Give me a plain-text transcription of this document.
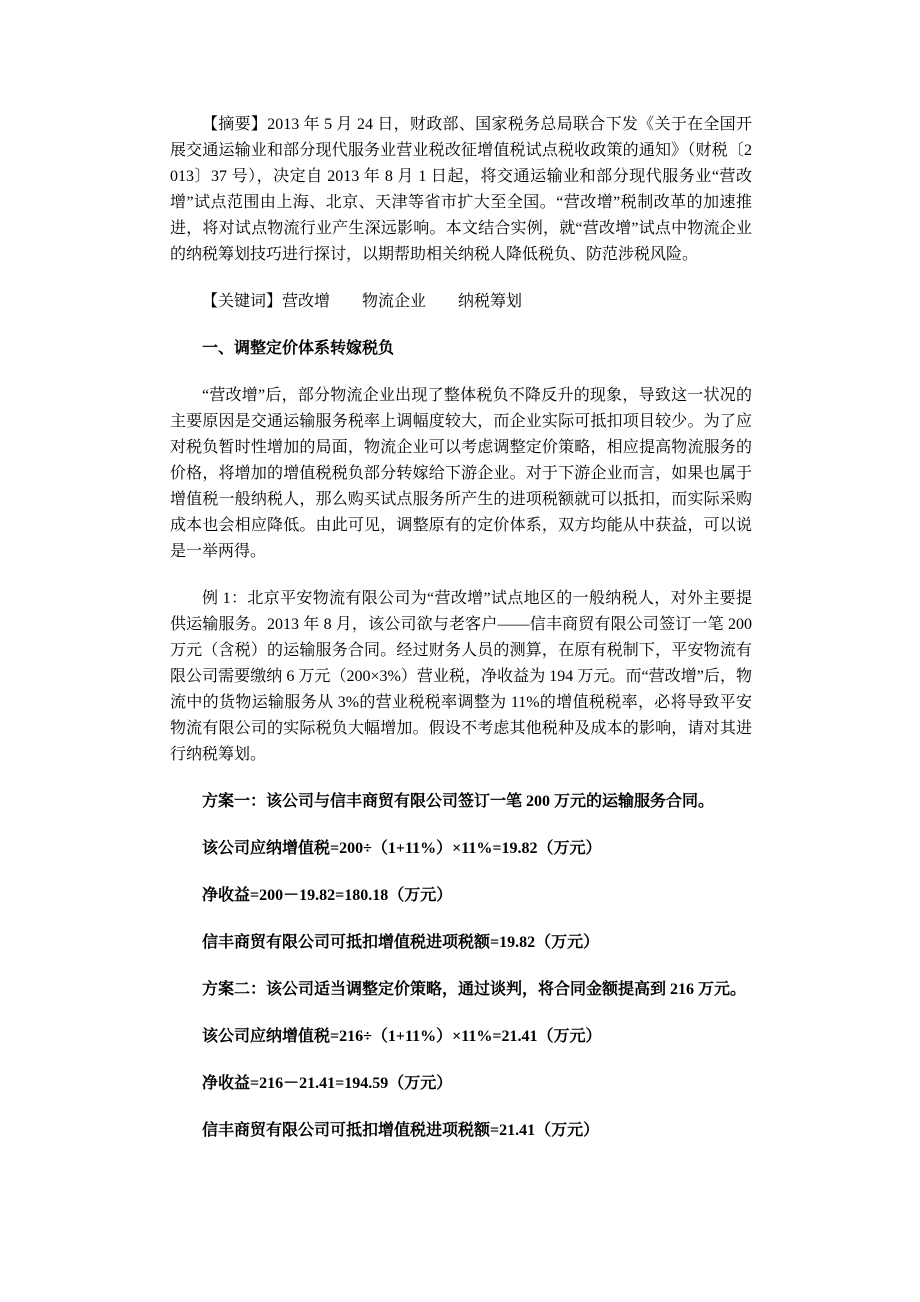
【摘要】2013 年 5 月 24 日，财政部、国家税务总局联合下发《关于在全国开展交通运输业和部分现代服务业营业税改征增值税试点税收政策的通知》（财税〔2013〕37 号），决定自 2013 年 8 月 1 日起，将交通运输业和部分现代服务业“营改增”试点范围由上海、北京、天津等省市扩大至全国。“营改增”税制改革的加速推进，将对试点物流行业产生深远影响。本文结合实例，就“营改增”试点中物流企业的纳税筹划技巧进行探讨，以期帮助相关纳税人降低税负、防范涉税风险。

【关键词】营改增　　物流企业　　纳税筹划

一、调整定价体系转嫁税负

“营改增”后，部分物流企业出现了整体税负不降反升的现象，导致这一状况的主要原因是交通运输服务税率上调幅度较大，而企业实际可抵扣项目较少。为了应对税负暂时性增加的局面，物流企业可以考虑调整定价策略，相应提高物流服务的价格，将增加的增值税税负部分转嫁给下游企业。对于下游企业而言，如果也属于增值税一般纳税人，那么购买试点服务所产生的进项税额就可以抵扣，而实际采购成本也会相应降低。由此可见，调整原有的定价体系，双方均能从中获益，可以说是一举两得。

例 1：北京平安物流有限公司为“营改增”试点地区的一般纳税人，对外主要提供运输服务。2013 年 8 月，该公司欲与老客户——信丰商贸有限公司签订一笔 200 万元（含税）的运输服务合同。经过财务人员的测算，在原有税制下，平安物流有限公司需要缴纳 6 万元（200×3%）营业税，净收益为 194 万元。而“营改增”后，物流中的货物运输服务从 3%的营业税税率调整为 11%的增值税税率，必将导致平安物流有限公司的实际税负大幅增加。假设不考虑其他税种及成本的影响，请对其进行纳税筹划。

方案一：该公司与信丰商贸有限公司签订一笔 200 万元的运输服务合同。

该公司应纳增值税=200÷（1+11%）×11%=19.82（万元）

净收益=200－19.82=180.18（万元）

信丰商贸有限公司可抵扣增值税进项税额=19.82（万元）

方案二：该公司适当调整定价策略，通过谈判，将合同金额提高到 216 万元。

该公司应纳增值税=216÷（1+11%）×11%=21.41（万元）

净收益=216－21.41=194.59（万元）

信丰商贸有限公司可抵扣增值税进项税额=21.41（万元）
